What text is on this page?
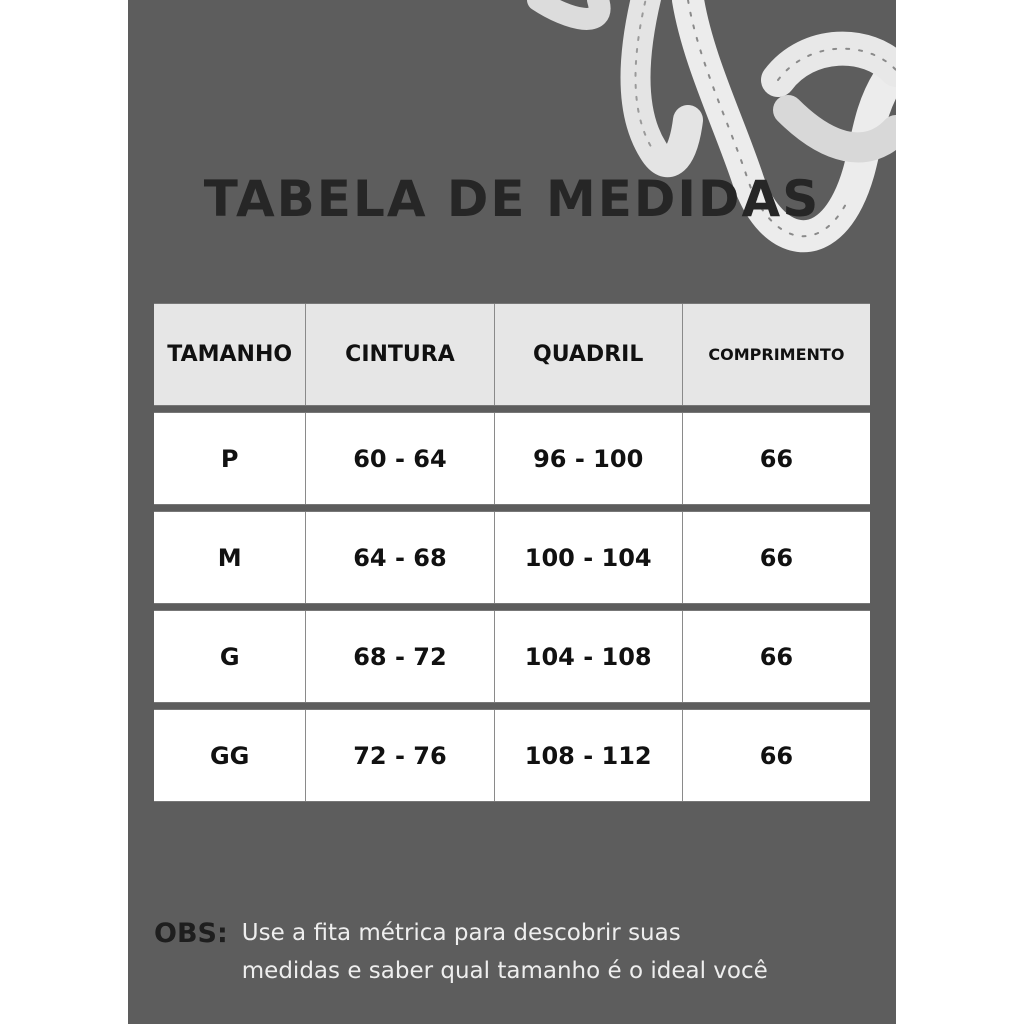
TABELA DE MEDIDAS
TAMANHO	CINTURA	QUADRIL	COMPRIMENTO
P	60 - 64	96 - 100	66
M	64 - 68	100 - 104	66
G	68 - 72	104 - 108	66
GG	72 - 76	108 - 112	66
OBS: Use a fita métrica para descobrir suas
medidas e saber qual tamanho é o ideal você
